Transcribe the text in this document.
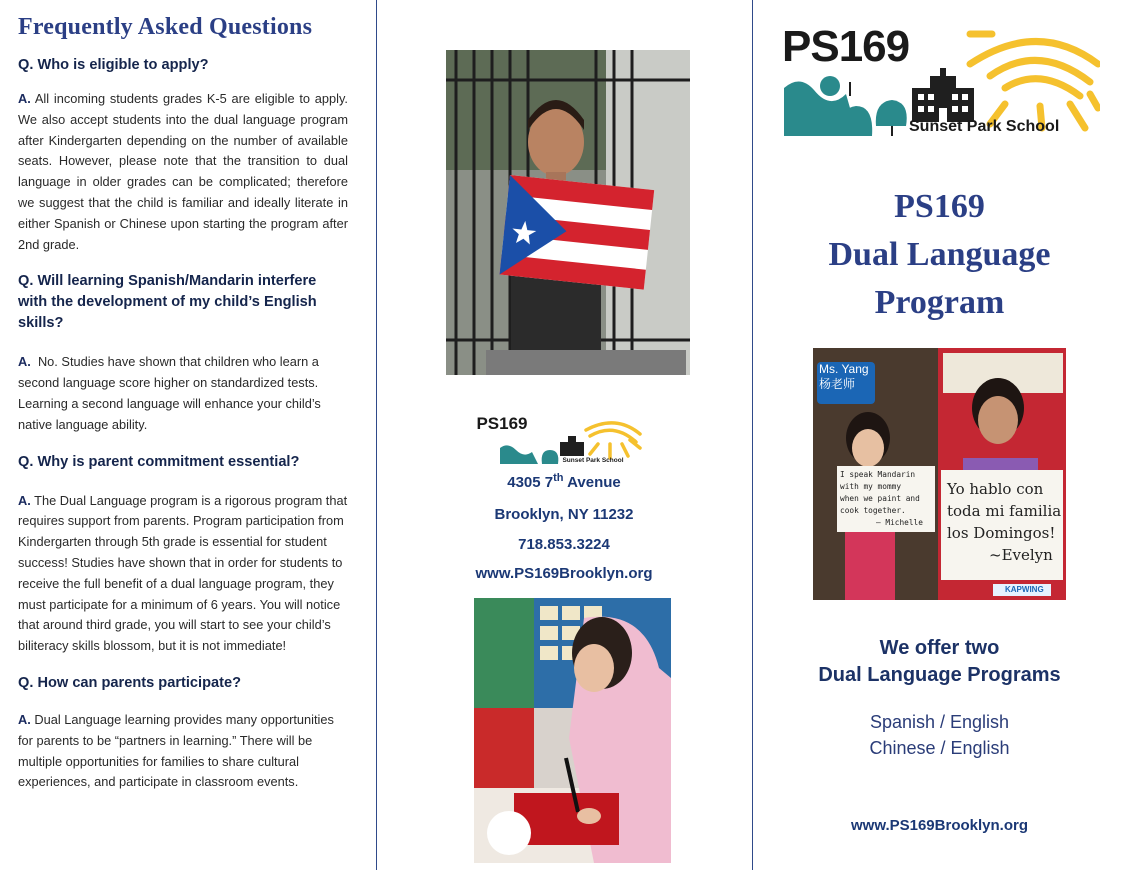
Frequently Asked Questions
Q. Who is eligible to apply?

A. All incoming students grades K-5 are eligible to apply. We also accept students into the dual language program after Kindergarten depending on the number of available seats. However, please note that the transition to dual language in older grades can be complicated; therefore we suggest that the child is familiar and ideally literate in either Spanish or Chinese upon starting the program after 2nd grade.

Q. Will learning Spanish/Mandarin interfere with the development of my child’s English skills?

A. No. Studies have shown that children who learn a second language score higher on standardized tests. Learning a second language will enhance your child’s native language ability.

Q. Why is parent commitment essential?

A. The Dual Language program is a rigorous program that requires support from parents. Program participation from Kindergarten through 5th grade is essential for student success! Studies have shown that in order for students to receive the full benefit of a dual language program, they must participate for a minimum of 6 years. You will notice that around third grade, you will start to see your child’s biliteracy skills blossom, but it is not immediate!

Q. How can parents participate?

A. Dual Language learning provides many opportunities for parents to be “partners in learning.” There will be multiple opportunities for families to share cultural experiences, and participate in classroom events.

PS169
Sunset Park School
4305 7th Avenue
Brooklyn, NY 11232
718.853.3224
www.PS169Brooklyn.org
PS169
Sunset Park School
PS169
Dual Language
Program
Ms. Yang
杨老师
I speak Mandarin
with my mommy
when we paint and
cook together.
– Michelle
Yo hablo con
toda mi familia
los Domingos!
~Evelyn
KAPWING
We offer two
Dual Language Programs
Spanish / English
Chinese / English
www.PS169Brooklyn.org
